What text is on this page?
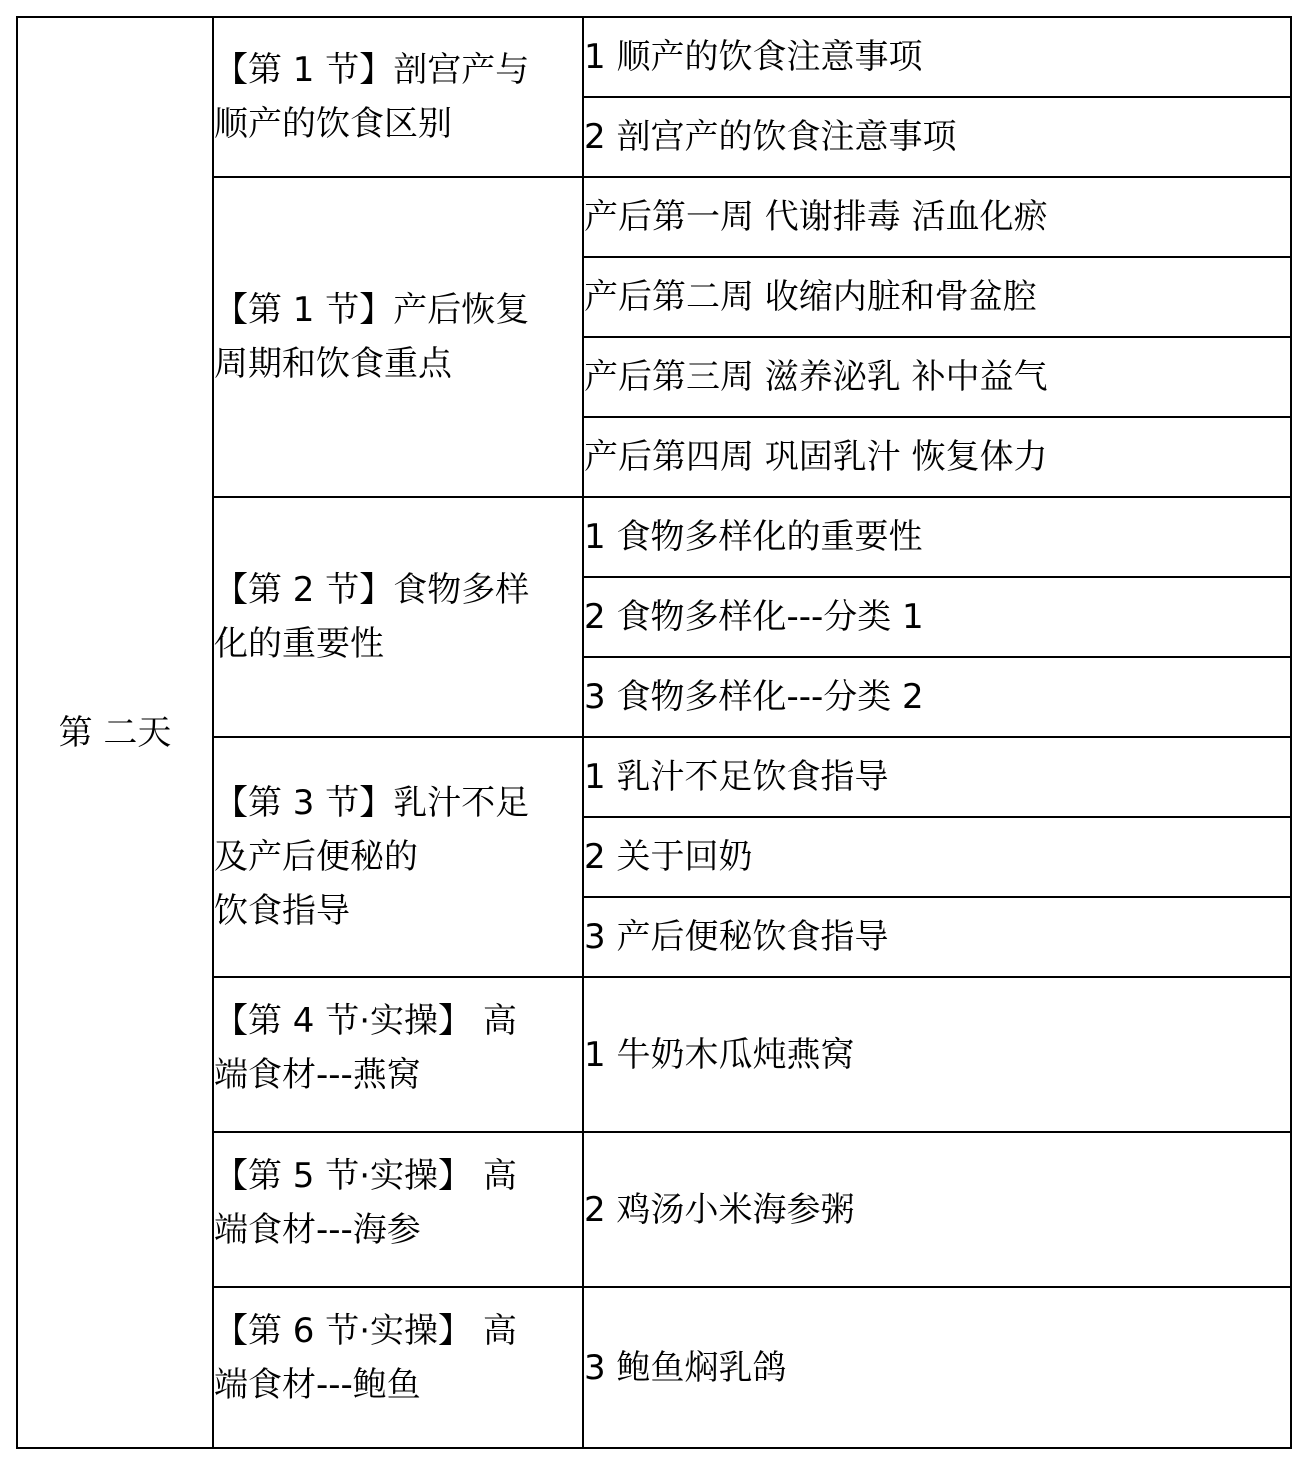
第 二天	【第 1 节】剖宫产与
顺产的饮食区别	1 顺产的饮食注意事项
		2 剖宫产的饮食注意事项

	【第 1 节】产后恢复
周期和饮食重点	产后第一周 代谢排毒 活血化瘀
		产后第二周 收缩内脏和骨盆腔
		产后第三周 滋养泌乳 补中益气
		产后第四周 巩固乳汁 恢复体力

	【第 2 节】食物多样
化的重要性	1 食物多样化的重要性
		2 食物多样化---分类 1
		3 食物多样化---分类 2

	【第 3 节】乳汁不足
及产后便秘的
饮食指导	1 乳汁不足饮食指导
		2 关于回奶
		3 产后便秘饮食指导

	【第 4 节·实操】 高
端食材---燕窝	1 牛奶木瓜炖燕窝

	【第 5 节·实操】 高
端食材---海参	2 鸡汤小米海参粥

	【第 6 节·实操】 高
端食材---鲍鱼	3 鲍鱼焖乳鸽
